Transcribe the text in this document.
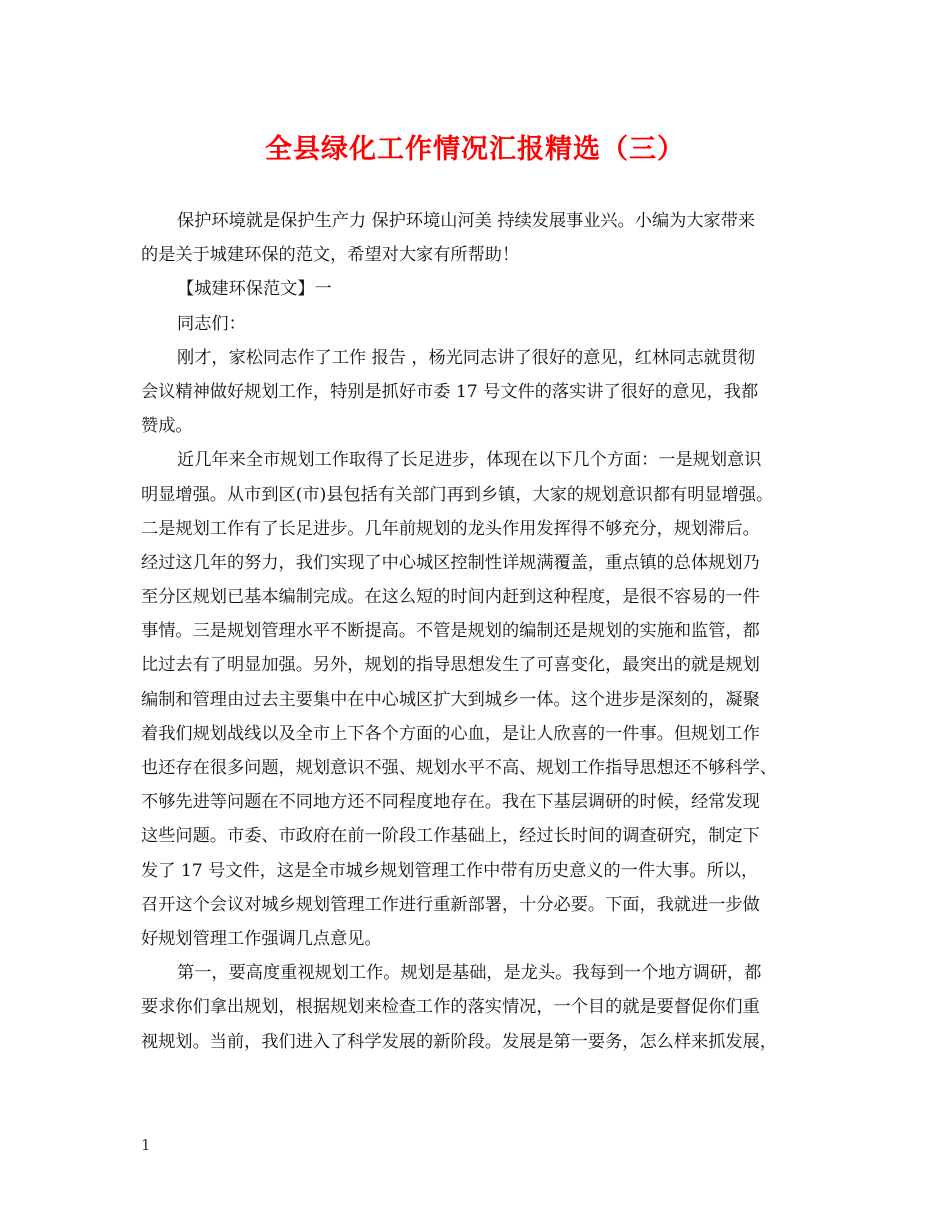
全县绿化工作情况汇报精选（三）
保护环境就是保护生产力 保护环境山河美 持续发展事业兴。小编为大家带来
的是关于城建环保的范文，希望对大家有所帮助！
【城建环保范文】一
同志们：
刚才，家松同志作了工作 报告 ，杨光同志讲了很好的意见，红林同志就贯彻
会议精神做好规划工作，特别是抓好市委 17 号文件的落实讲了很好的意见，我都
赞成。
近几年来全市规划工作取得了长足进步，体现在以下几个方面：一是规划意识
明显增强。从市到区(市)县包括有关部门再到乡镇，大家的规划意识都有明显增强。
二是规划工作有了长足进步。几年前规划的龙头作用发挥得不够充分，规划滞后。
经过这几年的努力，我们实现了中心城区控制性详规满覆盖，重点镇的总体规划乃
至分区规划已基本编制完成。在这么短的时间内赶到这种程度，是很不容易的一件
事情。三是规划管理水平不断提高。不管是规划的编制还是规划的实施和监管，都
比过去有了明显加强。另外，规划的指导思想发生了可喜变化，最突出的就是规划
编制和管理由过去主要集中在中心城区扩大到城乡一体。这个进步是深刻的，凝聚
着我们规划战线以及全市上下各个方面的心血，是让人欣喜的一件事。但规划工作
也还存在很多问题，规划意识不强、规划水平不高、规划工作指导思想还不够科学、
不够先进等问题在不同地方还不同程度地存在。我在下基层调研的时候，经常发现
这些问题。市委、市政府在前一阶段工作基础上，经过长时间的调查研究，制定下
发了 17 号文件，这是全市城乡规划管理工作中带有历史意义的一件大事。所以，
召开这个会议对城乡规划管理工作进行重新部署，十分必要。下面，我就进一步做
好规划管理工作强调几点意见。
第一，要高度重视规划工作。规划是基础，是龙头。我每到一个地方调研，都
要求你们拿出规划，根据规划来检查工作的落实情况，一个目的就是要督促你们重
视规划。当前，我们进入了科学发展的新阶段。发展是第一要务，怎么样来抓发展，
1
